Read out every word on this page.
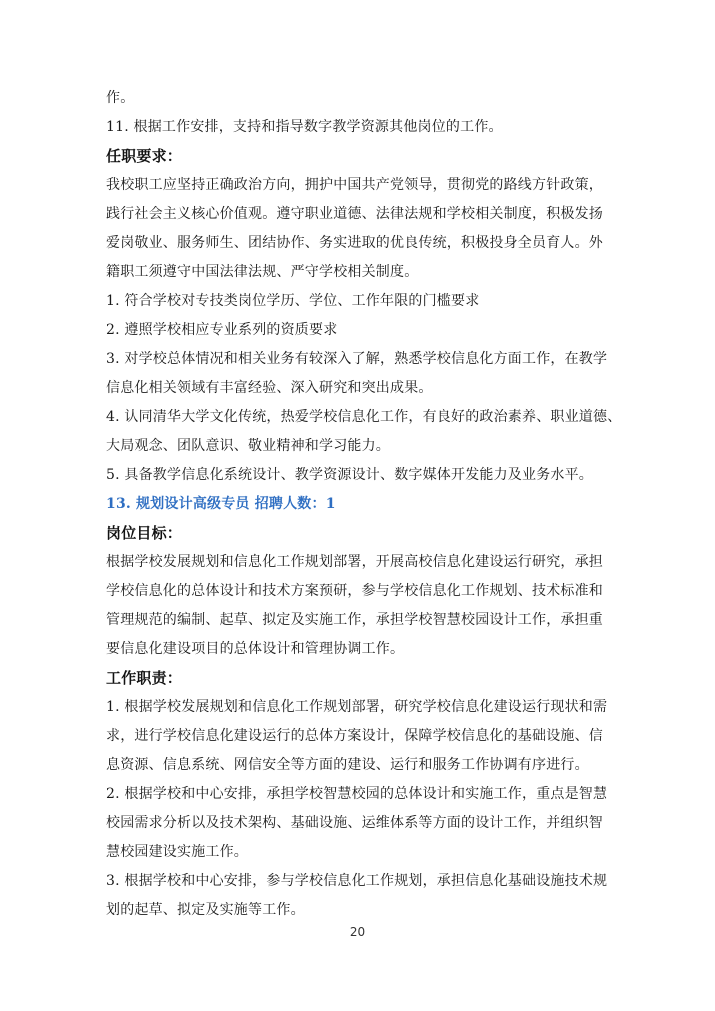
作。
11. 根据工作安排，支持和指导数字教学资源其他岗位的工作。
任职要求：
我校职工应坚持正确政治方向，拥护中国共产党领导，贯彻党的路线方针政策，
践行社会主义核心价值观。遵守职业道德、法律法规和学校相关制度，积极发扬
爱岗敬业、服务师生、团结协作、务实进取的优良传统，积极投身全员育人。外
籍职工须遵守中国法律法规、严守学校相关制度。
1. 符合学校对专技类岗位学历、学位、工作年限的门槛要求
2. 遵照学校相应专业系列的资质要求
3. 对学校总体情况和相关业务有较深入了解，熟悉学校信息化方面工作，在教学
信息化相关领域有丰富经验、深入研究和突出成果。
4. 认同清华大学文化传统，热爱学校信息化工作，有良好的政治素养、职业道德、
大局观念、团队意识、敬业精神和学习能力。
5. 具备教学信息化系统设计、教学资源设计、数字媒体开发能力及业务水平。
13. 规划设计高级专员 招聘人数：1
岗位目标：
根据学校发展规划和信息化工作规划部署，开展高校信息化建设运行研究，承担
学校信息化的总体设计和技术方案预研，参与学校信息化工作规划、技术标准和
管理规范的编制、起草、拟定及实施工作，承担学校智慧校园设计工作，承担重
要信息化建设项目的总体设计和管理协调工作。
工作职责：
1. 根据学校发展规划和信息化工作规划部署，研究学校信息化建设运行现状和需
求，进行学校信息化建设运行的总体方案设计，保障学校信息化的基础设施、信
息资源、信息系统、网信安全等方面的建设、运行和服务工作协调有序进行。
2. 根据学校和中心安排，承担学校智慧校园的总体设计和实施工作，重点是智慧
校园需求分析以及技术架构、基础设施、运维体系等方面的设计工作，并组织智
慧校园建设实施工作。
3. 根据学校和中心安排，参与学校信息化工作规划，承担信息化基础设施技术规
划的起草、拟定及实施等工作。
20
